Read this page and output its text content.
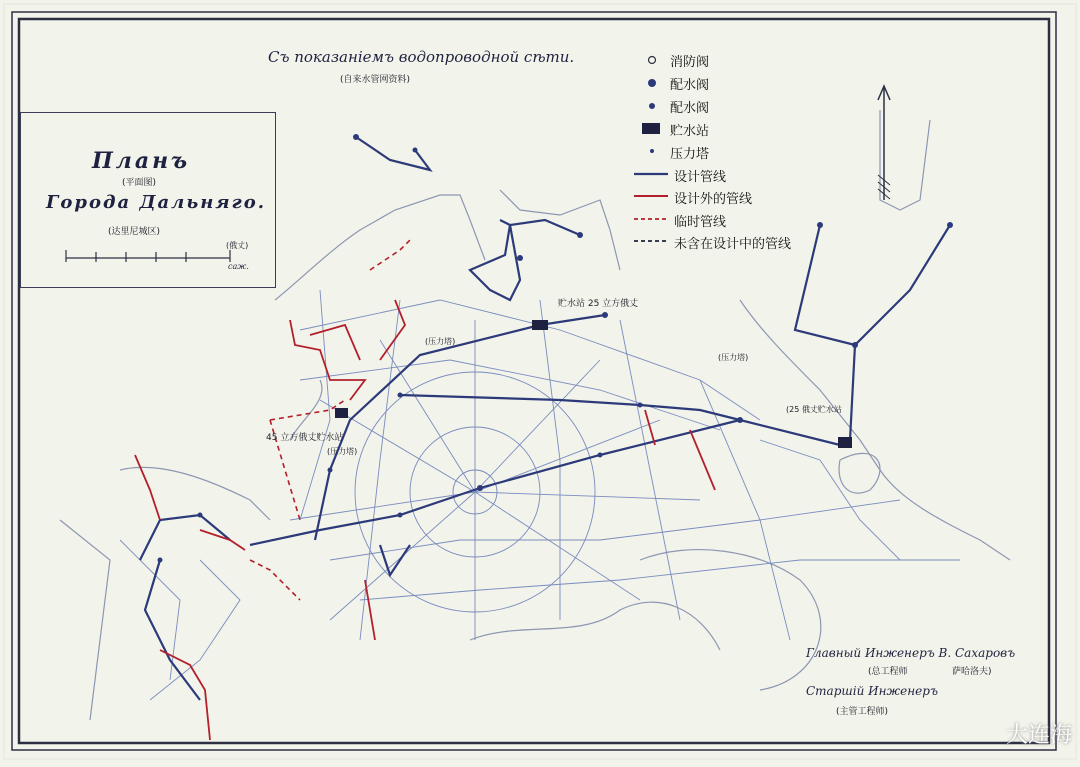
Съ показаніемъ водопроводной сѣти.
(自来水管网资料)
Планъ
(平面图)
Города Дальняго.
(达里尼城区)
(俄丈)
саж.
消防阀
配水阀
配水阀
贮水站
压力塔
设计管线
设计外的管线
临时管线
未含在设计中的管线
贮水站 25 立方俄丈
(压力塔)
(压力塔)
(压力塔)
45 立方俄丈贮水站
(25 俄丈贮水站
Главный Инженеръ В. Сахаровъ
(总工程师	萨哈洛夫)
Старшій Инженеръ
(主管工程师)
大连海
